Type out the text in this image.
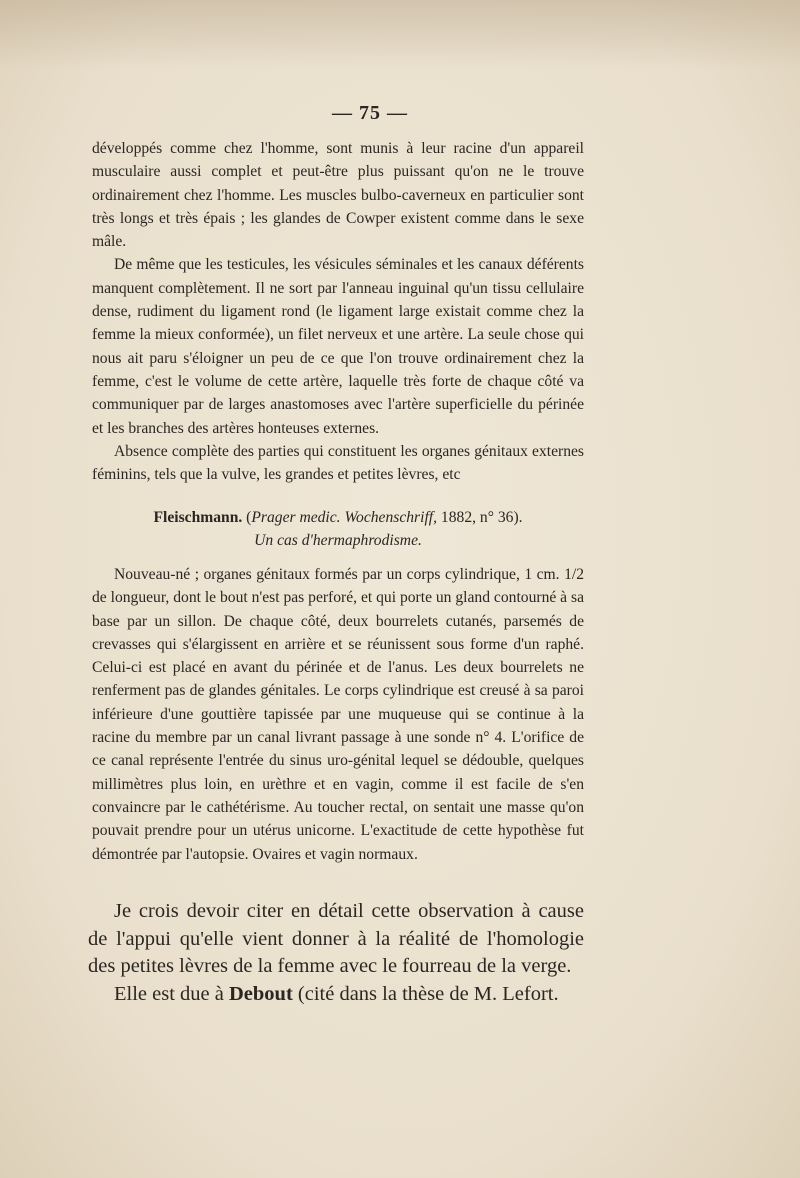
— 75 —

développés comme chez l'homme, sont munis à leur racine d'un appareil musculaire aussi complet et peut-être plus puissant qu'on ne le trouve ordinairement chez l'homme. Les muscles bulbo-caverneux en particulier sont très longs et très épais ; les glandes de Cowper existent comme dans le sexe mâle.

De même que les testicules, les vésicules séminales et les canaux déférents manquent complètement. Il ne sort par l'anneau inguinal qu'un tissu cellulaire dense, rudiment du ligament rond (le ligament large existait comme chez la femme la mieux conformée), un filet nerveux et une artère. La seule chose qui nous ait paru s'éloigner un peu de ce que l'on trouve ordinairement chez la femme, c'est le volume de cette artère, laquelle très forte de chaque côté va communiquer par de larges anastomoses avec l'artère superficielle du périnée et les branches des artères honteuses externes.

Absence complète des parties qui constituent les organes génitaux externes féminins, tels que la vulve, les grandes et petites lèvres, etc

Fleischmann. (Prager medic. Wochenschriff, 1882, n° 36).
Un cas d'hermaphrodisme.

Nouveau-né ; organes génitaux formés par un corps cylindrique, 1 cm. 1/2 de longueur, dont le bout n'est pas perforé, et qui porte un gland contourné à sa base par un sillon. De chaque côté, deux bourrelets cutanés, parsemés de crevasses qui s'élargissent en arrière et se réunissent sous forme d'un raphé. Celui-ci est placé en avant du périnée et de l'anus. Les deux bourrelets ne renferment pas de glandes génitales. Le corps cylindrique est creusé à sa paroi inférieure d'une gouttière tapissée par une muqueuse qui se continue à la racine du membre par un canal livrant passage à une sonde n° 4. L'orifice de ce canal représente l'entrée du sinus uro-génital lequel se dédouble, quelques millimètres plus loin, en urèthre et en vagin, comme il est facile de s'en convaincre par le cathétérisme. Au toucher rectal, on sentait une masse qu'on pouvait prendre pour un utérus unicorne. L'exactitude de cette hypothèse fut démontrée par l'autopsie. Ovaires et vagin normaux.

Je crois devoir citer en détail cette observation à cause de l'appui qu'elle vient donner à la réalité de l'homologie des petites lèvres de la femme avec le fourreau de la verge.

Elle est due à Debout (cité dans la thèse de M. Lefort.
